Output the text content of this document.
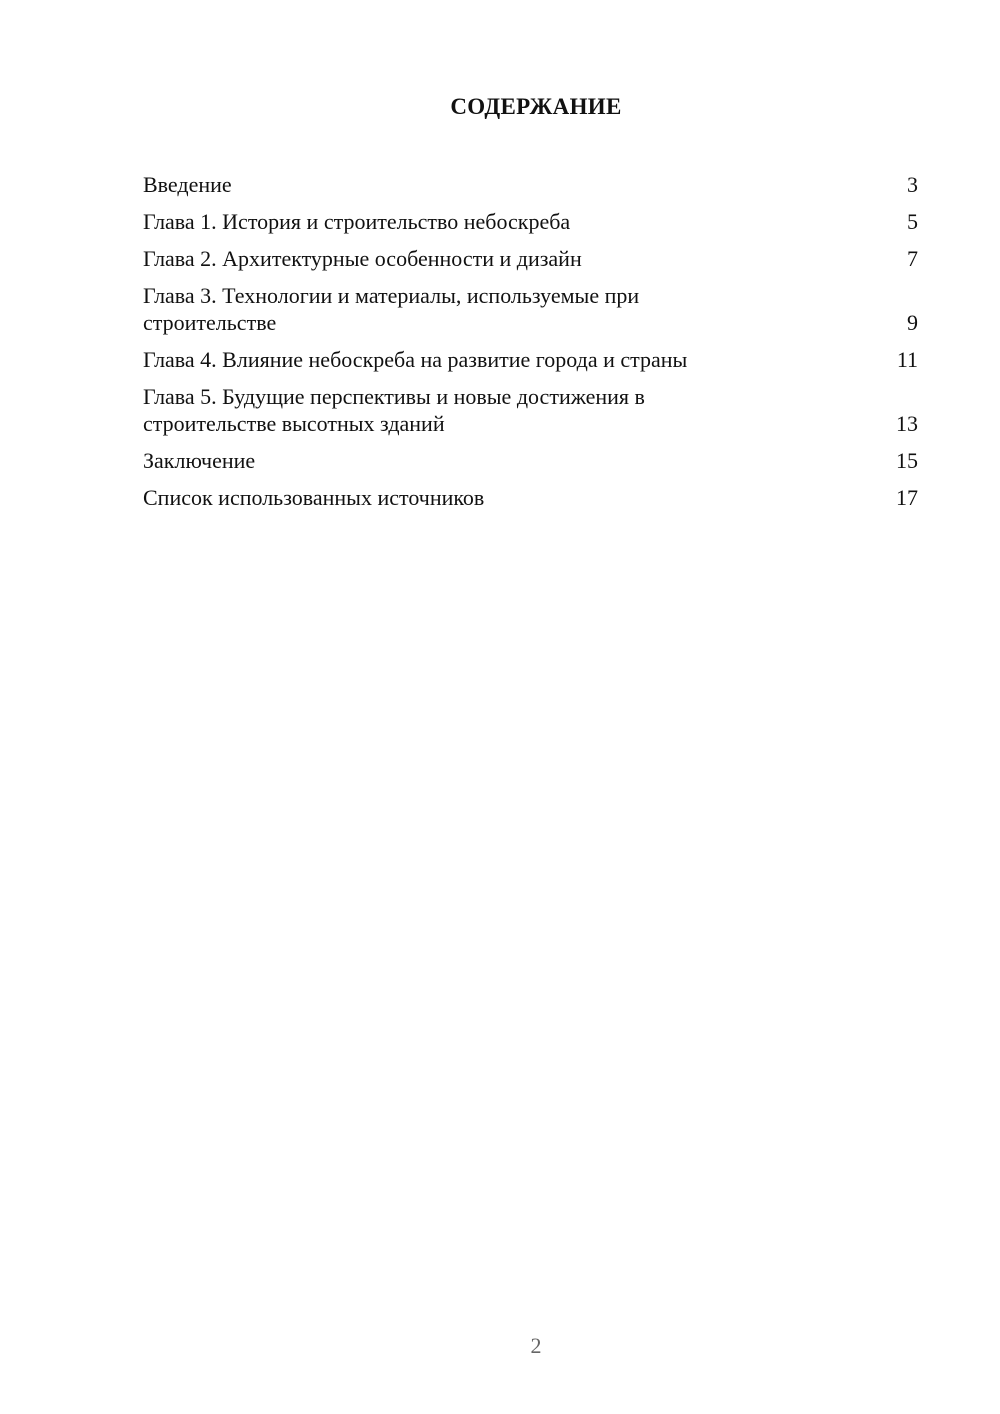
СОДЕРЖАНИЕ
Введение	3
Глава 1. История и строительство небоскреба	5
Глава 2. Архитектурные особенности и дизайн	7
Глава 3. Технологии и материалы, используемые при строительстве	9
Глава 4. Влияние небоскреба на развитие города и страны	11
Глава 5. Будущие перспективы и новые достижения в строительстве высотных зданий	13
Заключение	15
Список использованных источников	17
2
